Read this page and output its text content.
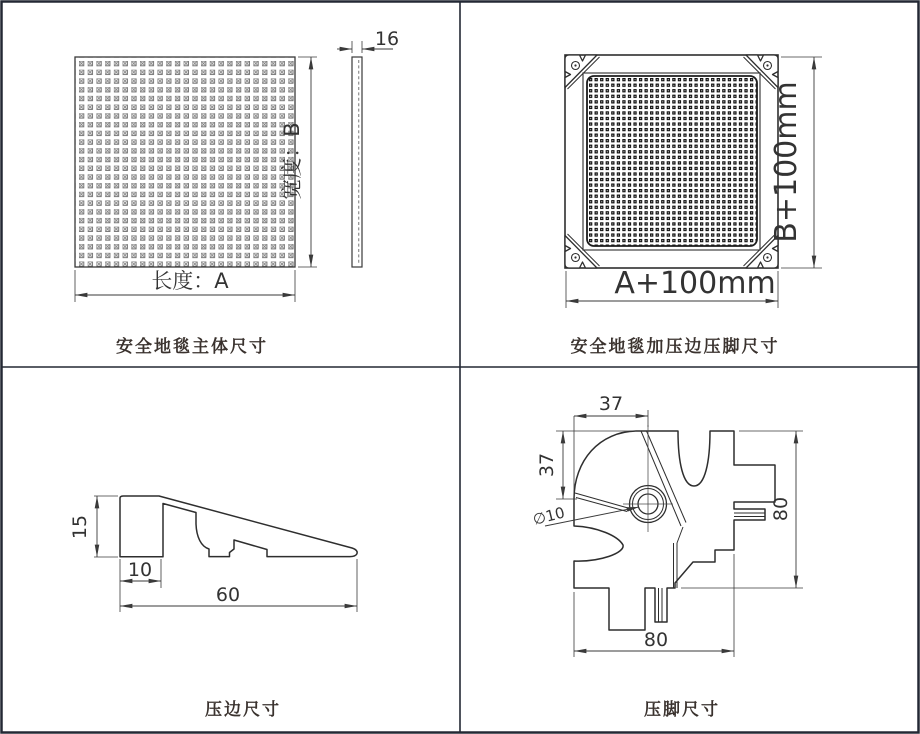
16
宽度：B
长度：A
安全地毯主体尺寸
B+100mm
A+100mm
安全地毯加压边压脚尺寸
15
10
60
压边尺寸
∅10
37
37
80
80
压脚尺寸
